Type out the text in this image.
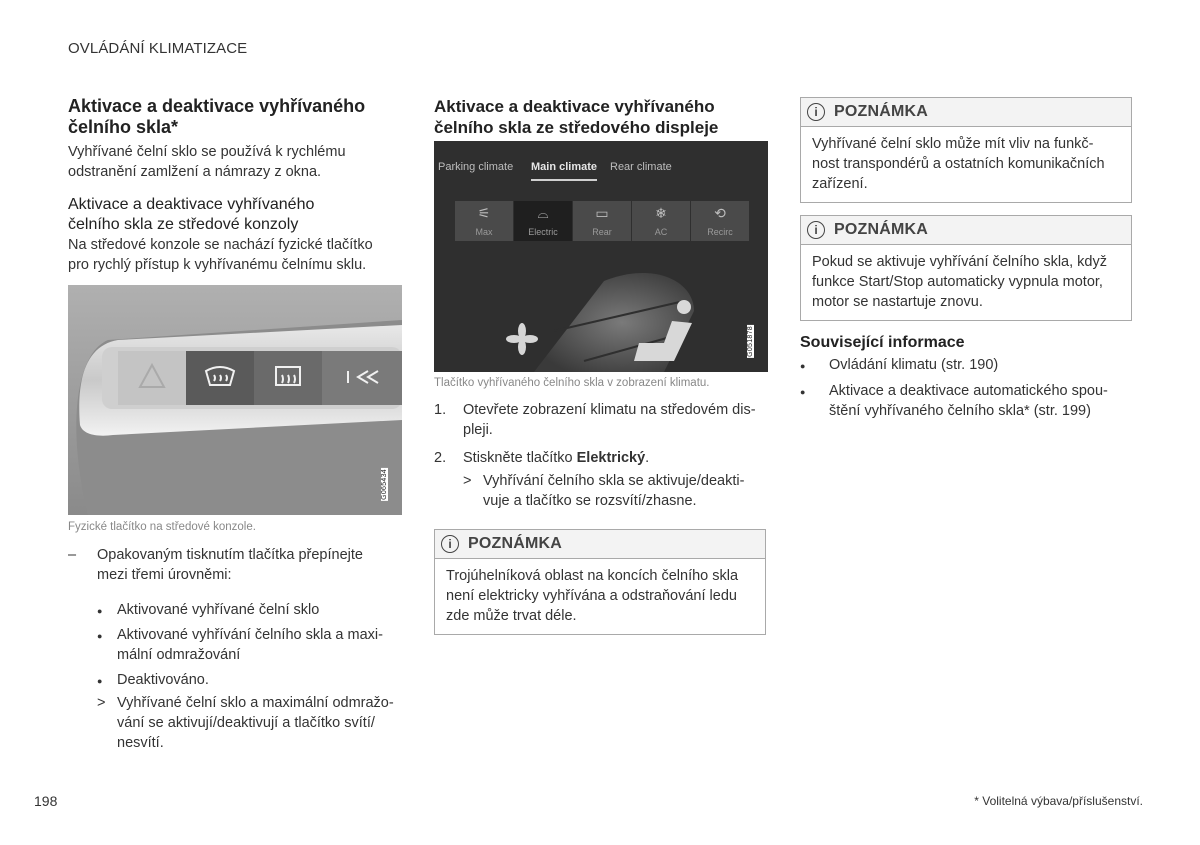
OVLÁDÁNÍ KLIMATIZACE
Aktivace a deaktivace vyhřívaného čelního skla*
Vyhřívané čelní sklo se používá k rychlému
odstranění zamlžení a námrazy z okna.
Aktivace a deaktivace vyhřívaného čelního skla ze středové konzoly
Na středové konzole se nachází fyzické tlačítko
pro rychlý přístup k vyhřívanému čelnímu sklu.
G065434
Fyzické tlačítko na středové konzole.
– Opakovaným tisknutím tlačítka přepínejte
mezi třemi úrovněmi:
● Aktivované vyhřívané čelní sklo
● Aktivované vyhřívání čelního skla a maxi-
mální odmražování
● Deaktivováno.
> Vyhřívané čelní sklo a maximální odmražo-
vání se aktivují/deaktivují a tlačítko svítí/
nesvítí.
Aktivace a deaktivace vyhřívaného čelního skla ze středového displeje
Parking climate Main climate Rear climate
⚟
Max
⌓
Electric
▭
Rear
❄
AC
⟲
Recirc
G051878
Tlačítko vyhřívaného čelního skla v zobrazení klimatu.
1. Otevřete zobrazení klimatu na středovém dis-
pleji.
2. Stiskněte tlačítko Elektrický.
> Vyhřívání čelního skla se aktivuje/deakti-
vuje a tlačítko se rozsvítí/zhasne.
i	POZNÁMKA
Trojúhelníková oblast na koncích čelního skla
není elektricky vyhřívána a odstraňování ledu
zde může trvat déle.
i	POZNÁMKA
Vyhřívané čelní sklo může mít vliv na funkč-
nost transpondérů a ostatních komunikačních
zařízení.
i	POZNÁMKA
Pokud se aktivuje vyhřívání čelního skla, když
funkce Start/Stop automaticky vypnula motor,
motor se nastartuje znovu.
Související informace
● Ovládání klimatu (str. 190)
● Aktivace a deaktivace automatického spou-
štění vyhřívaného čelního skla* (str. 199)
198	* Volitelná výbava/příslušenství.
